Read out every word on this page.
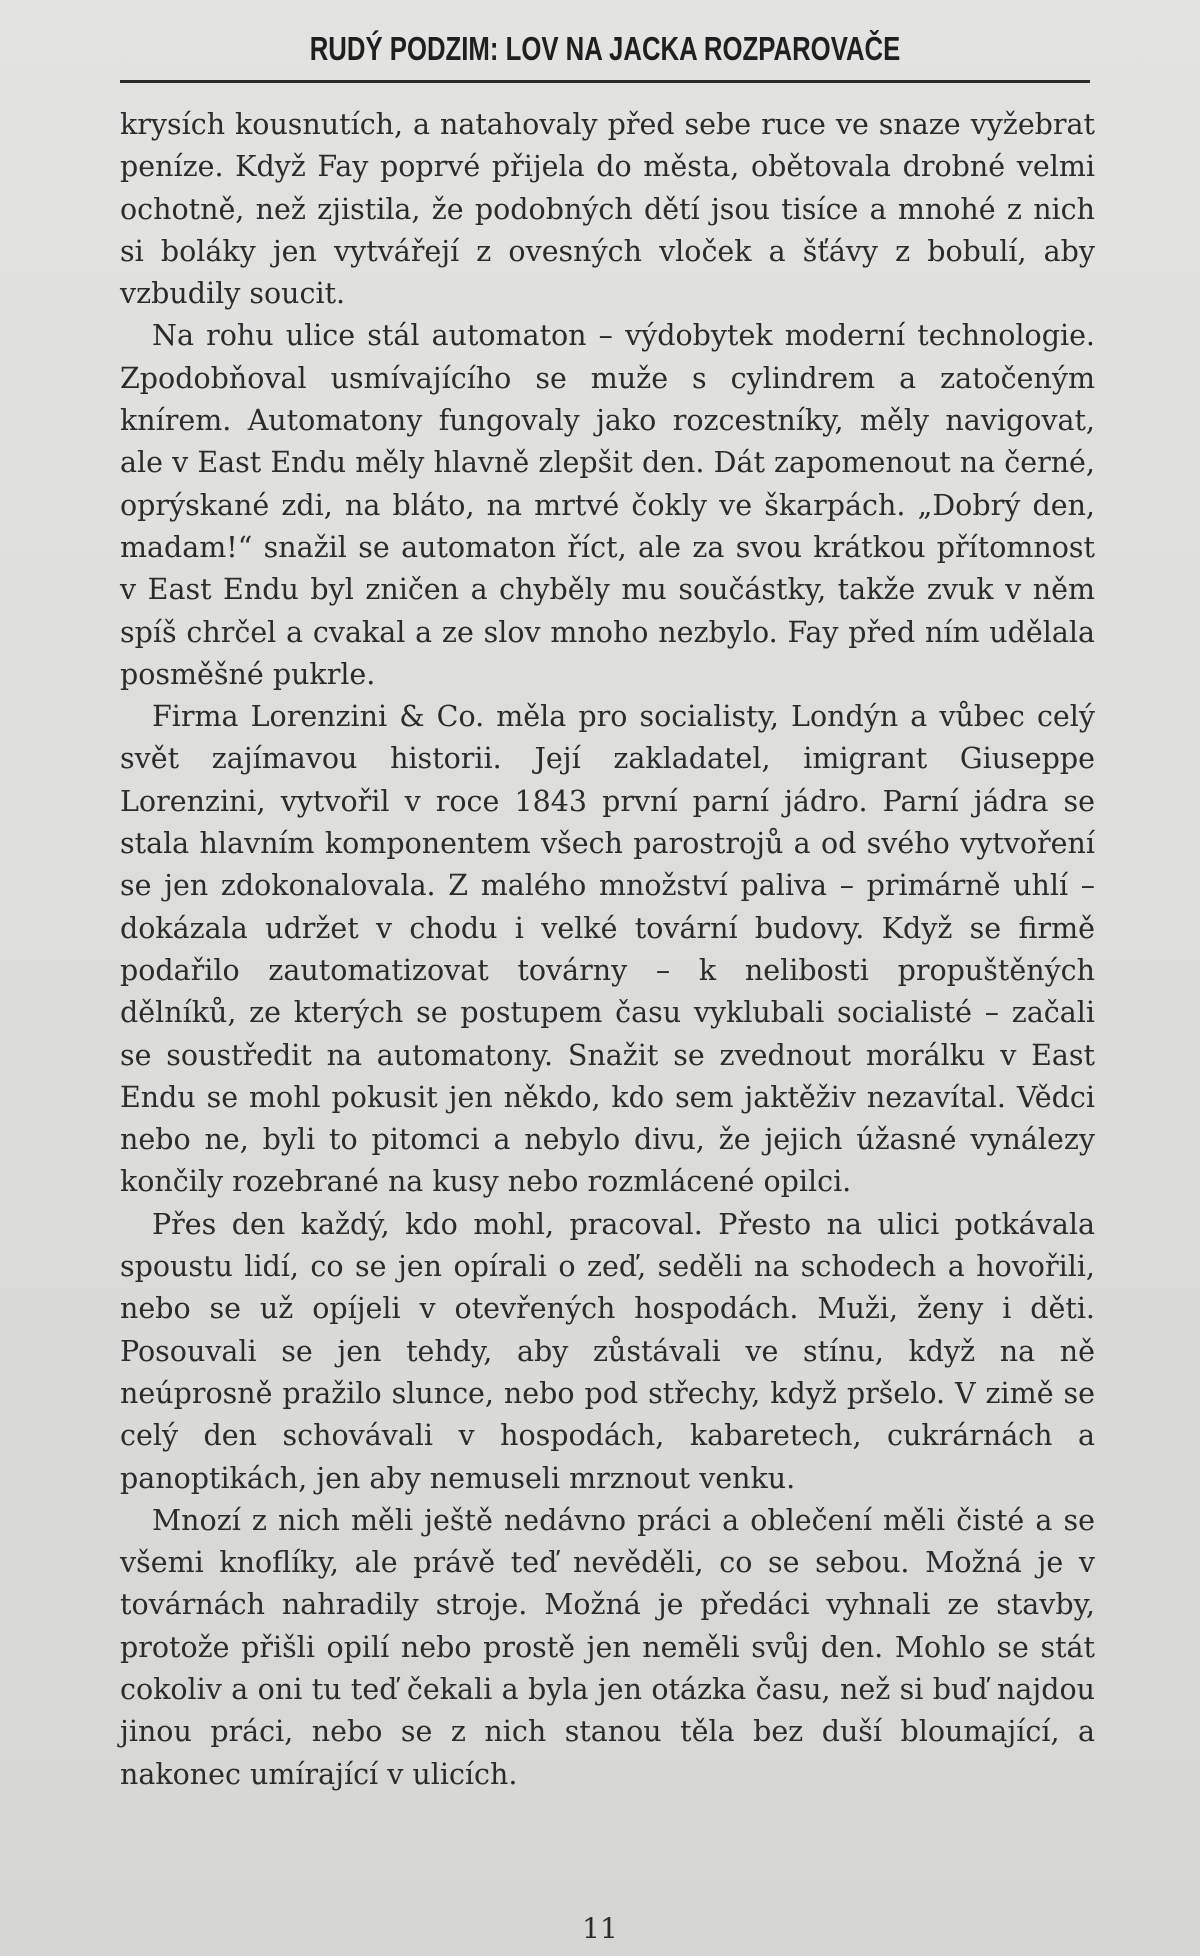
RUDÝ PODZIM: LOV NA JACKA ROZPAROVAČE

krysích kousnutích, a natahovaly před sebe ruce ve snaze vyžebrat peníze. Když Fay poprvé přijela do města, obětovala drobné velmi ochotně, než zjistila, že podobných dětí jsou tisíce a mnohé z nich si boláky jen vytvářejí z ovesných vloček a šťávy z bobulí, aby vzbudily soucit.

Na rohu ulice stál automaton – výdobytek moderní technologie. Zpodobňoval usmívajícího se muže s cylindrem a zatočeným knírem. Automatony fungovaly jako rozcestníky, měly navigovat, ale v East Endu měly hlavně zlepšit den. Dát zapomenout na černé, oprýskané zdi, na bláto, na mrtvé čokly ve škarpách. „Dobrý den, madam!“ snažil se automaton říct, ale za svou krátkou přítomnost v East Endu byl zničen a chyběly mu součástky, takže zvuk v něm spíš chrčel a cvakal a ze slov mnoho nezbylo. Fay před ním udělala posměšné pukrle.

Firma Lorenzini & Co. měla pro socialisty, Londýn a vůbec celý svět zajímavou historii. Její zakladatel, imigrant Giuseppe Lorenzini, vytvořil v roce 1843 první parní jádro. Parní jádra se stala hlavním komponentem všech parostrojů a od svého vytvoření se jen zdokonalovala. Z malého množství paliva – primárně uhlí – dokázala udržet v chodu i velké tovární budovy. Když se firmě podařilo zautomatizovat továrny – k nelibosti propuštěných dělníků, ze kterých se postupem času vyklubali socialisté – začali se soustředit na automatony. Snažit se zvednout morálku v East Endu se mohl pokusit jen někdo, kdo sem jaktěživ nezavítal. Vědci nebo ne, byli to pitomci a nebylo divu, že jejich úžasné vynálezy končily rozebrané na kusy nebo rozmlácené opilci.

Přes den každý, kdo mohl, pracoval. Přesto na ulici potkávala spoustu lidí, co se jen opírali o zeď, seděli na schodech a hovořili, nebo se už opíjeli v otevřených hospodách. Muži, ženy i děti. Posouvali se jen tehdy, aby zůstávali ve stínu, když na ně neúprosně pražilo slunce, nebo pod střechy, když pršelo. V zimě se celý den schovávali v hospodách, kabaretech, cukrárnách a panoptikách, jen aby nemuseli mrznout venku.

Mnozí z nich měli ještě nedávno práci a oblečení měli čisté a se všemi knoflíky, ale právě teď nevěděli, co se sebou. Možná je v továrnách nahradily stroje. Možná je předáci vyhnali ze stavby, protože přišli opilí nebo prostě jen neměli svůj den. Mohlo se stát cokoliv a oni tu teď čekali a byla jen otázka času, než si buď najdou jinou práci, nebo se z nich stanou těla bez duší bloumající, a nakonec umírající v ulicích.

11
